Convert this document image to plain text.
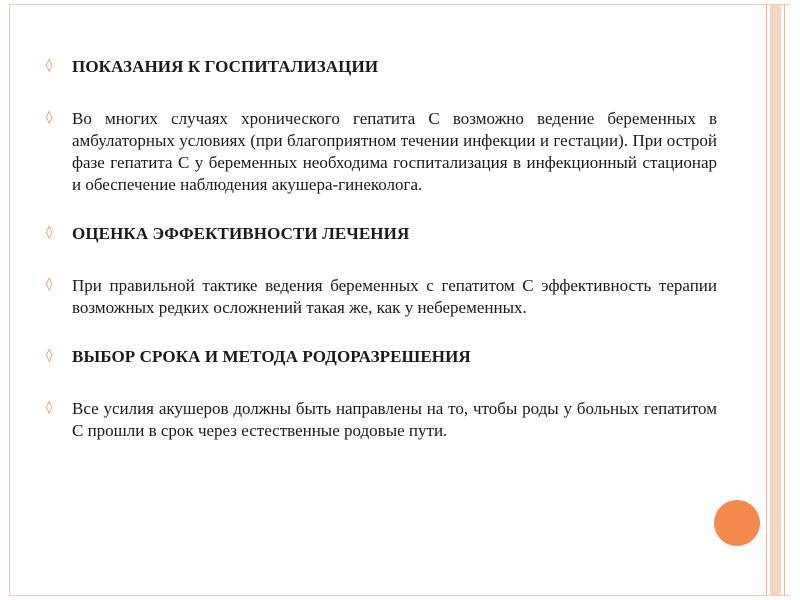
◊ ПОКАЗАНИЯ К ГОСПИТАЛИЗАЦИИ
◊ Во многих случаях хронического гепатита С возможно ведение беременных в амбулаторных условиях (при благоприятном течении инфекции и гестации). При острой фазе гепатита С у беременных необходима госпитализация в инфекционный стационар и обеспечение наблюдения акушера-гинеколога.
◊ ОЦЕНКА ЭФФЕКТИВНОСТИ ЛЕЧЕНИЯ
◊ При правильной тактике ведения беременных с гепатитом С эффективность терапии возможных редких осложнений такая же, как у небеременных.
◊ ВЫБОР СРОКА И МЕТОДА РОДОРАЗРЕШЕНИЯ
◊ Все усилия акушеров должны быть направлены на то, чтобы роды у больных гепатитом С прошли в срок через естественные родовые пути.
